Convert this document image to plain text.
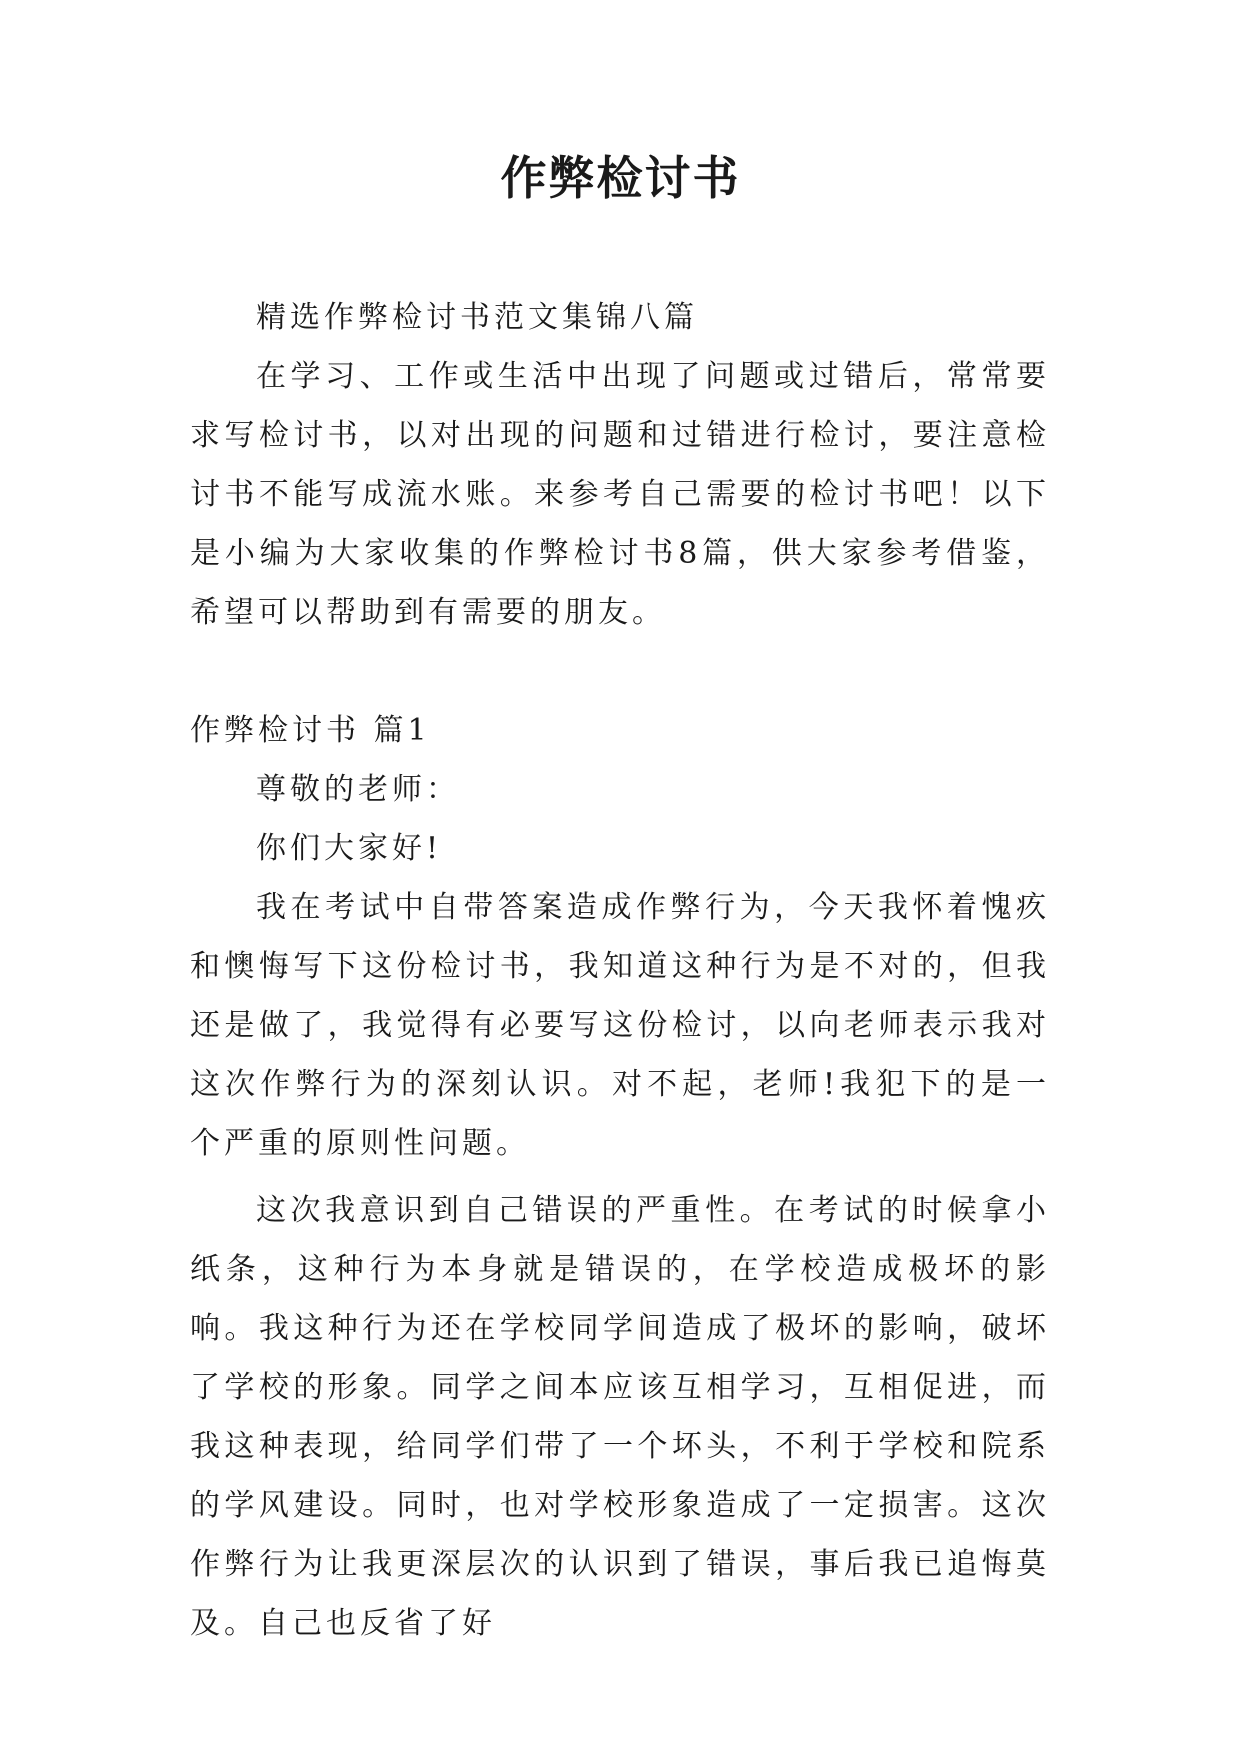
作弊检讨书

精选作弊检讨书范文集锦八篇

在学习、工作或生活中出现了问题或过错后，常常要求写检讨书，以对出现的问题和过错进行检讨，要注意检讨书不能写成流水账。来参考自己需要的检讨书吧！以下是小编为大家收集的作弊检讨书8篇，供大家参考借鉴，希望可以帮助到有需要的朋友。

作弊检讨书 篇1

尊敬的老师：

你们大家好!

我在考试中自带答案造成作弊行为，今天我怀着愧疚和懊悔写下这份检讨书，我知道这种行为是不对的，但我还是做了，我觉得有必要写这份检讨，以向老师表示我对这次作弊行为的深刻认识。对不起，老师!我犯下的是一个严重的原则性问题。

这次我意识到自己错误的严重性。在考试的时候拿小纸条，这种行为本身就是错误的，在学校造成极坏的影响。我这种行为还在学校同学间造成了极坏的影响，破坏了学校的形象。同学之间本应该互相学习，互相促进，而我这种表现，给同学们带了一个坏头，不利于学校和院系的学风建设。同时，也对学校形象造成了一定损害。这次作弊行为让我更深层次的认识到了错误，事后我已追悔莫及。自己也反省了好
